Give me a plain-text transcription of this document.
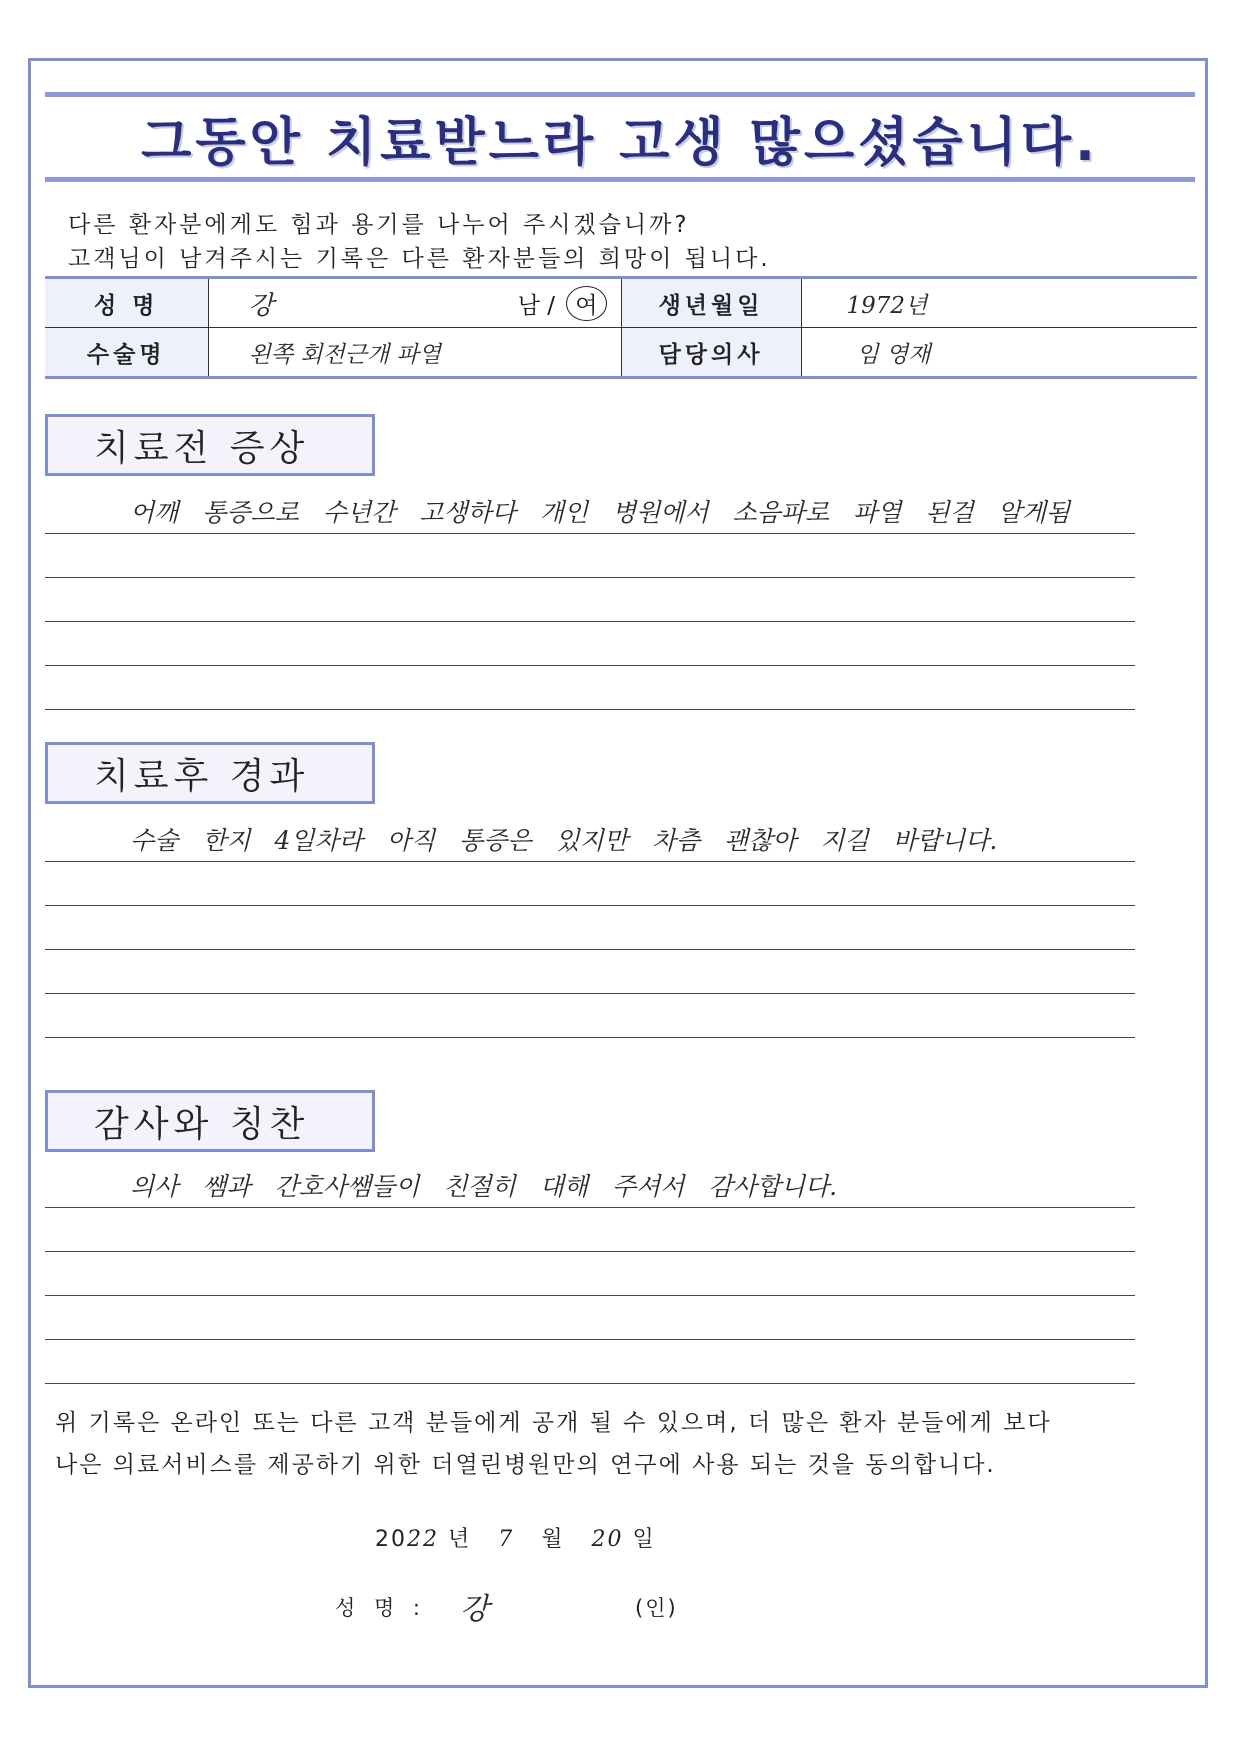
그동안 치료받느라 고생 많으셨습니다.
다른 환자분에게도 힘과 용기를 나누어 주시겠습니까?
고객님이 남겨주시는 기록은 다른 환자분들의 희망이 됩니다.
성 명	강 남 / 여	생년월일	1972년
수술명	왼쪽 회전근개 파열	담당의사	임 영재
치료전 증상
어깨 통증으로 수년간 고생하다 개인 병원에서 소음파로 파열 된걸 알게됨
치료후 경과
수술 한지 4일차라 아직 통증은 있지만 차츰 괜찮아 지길 바랍니다.
감사와 칭찬
의사 쌤과 간호사쌤들이 친절히 대해 주셔서 감사합니다.
위 기록은 온라인 또는 다른 고객 분들에게 공개 될 수 있으며, 더 많은 환자 분들에게 보다
나은 의료서비스를 제공하기 위한 더열린병원만의 연구에 사용 되는 것을 동의합니다.
2022 년 7 월 20 일
성 명 : 강	(인)
